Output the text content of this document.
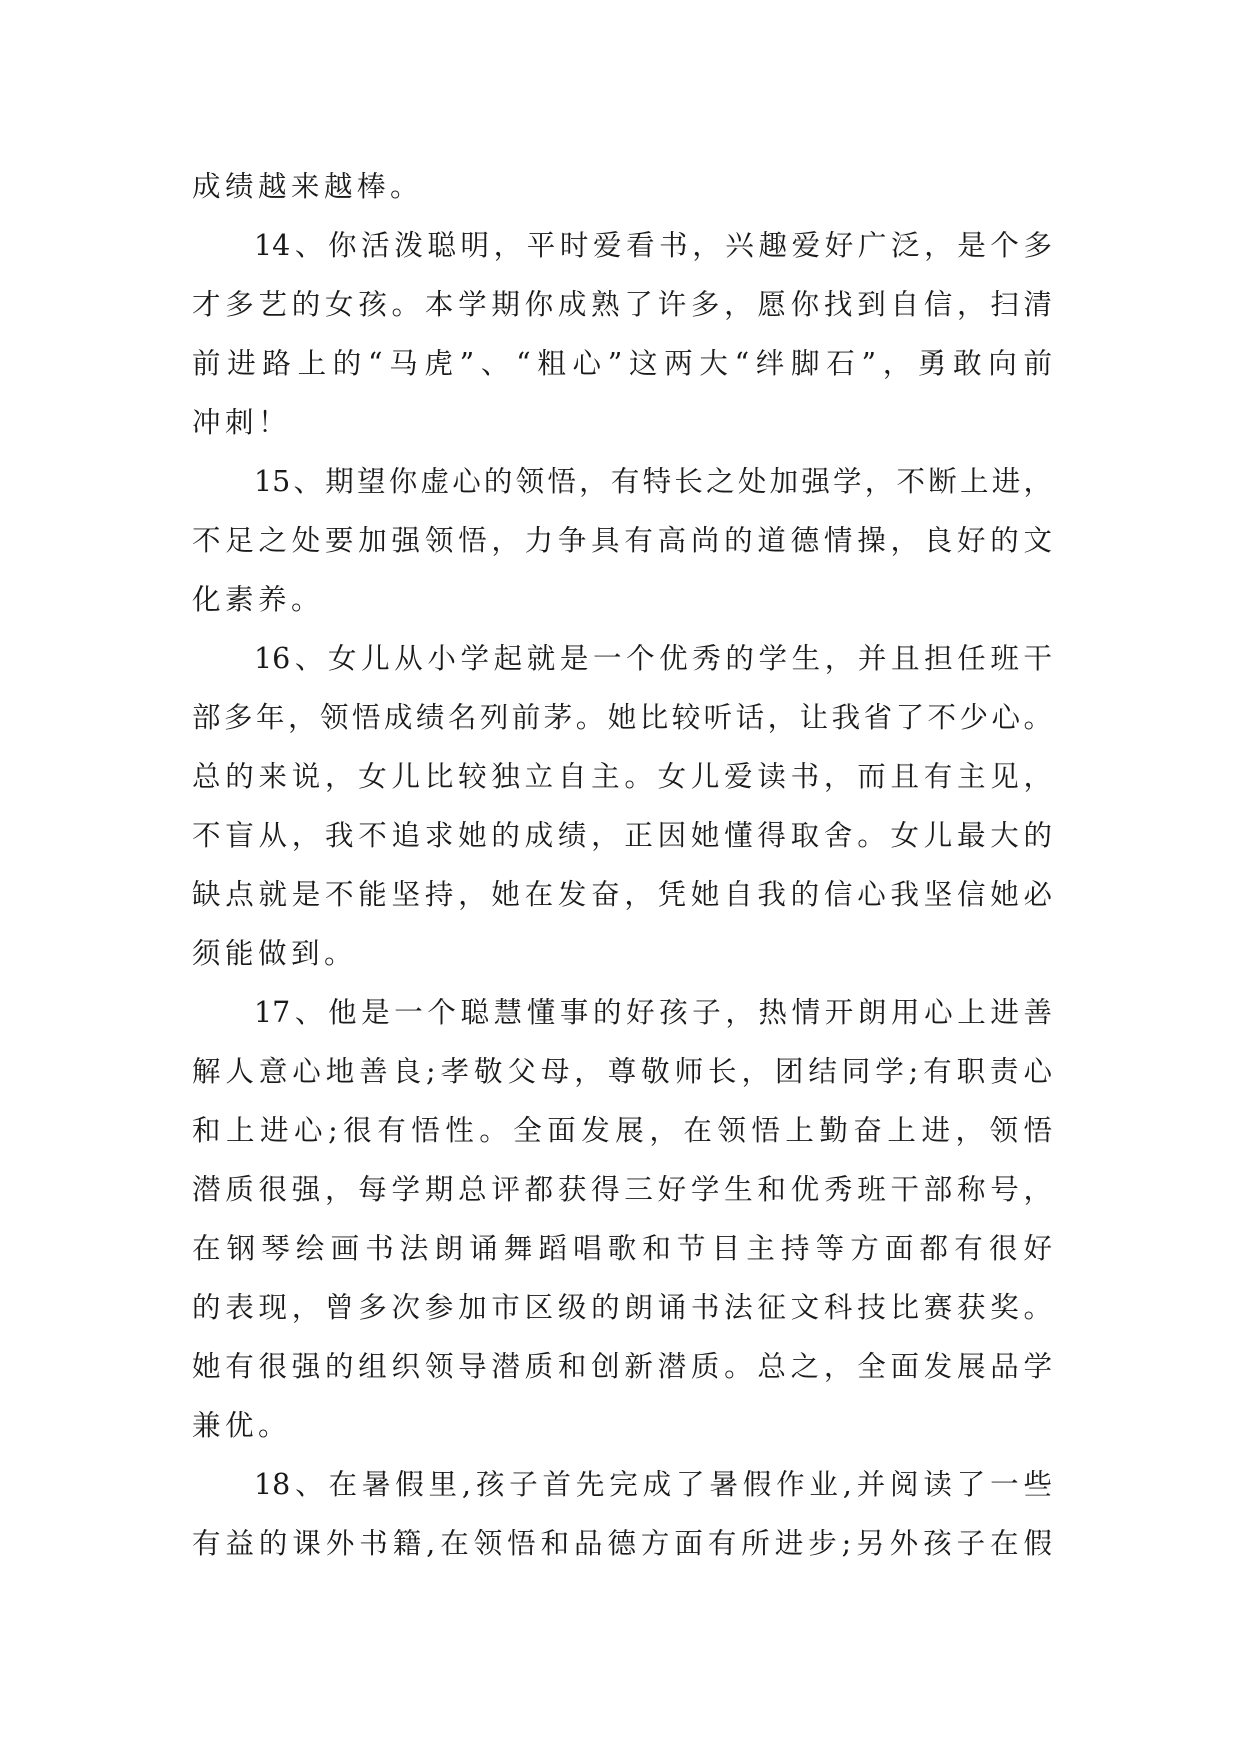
成绩越来越棒。
14、你活泼聪明，平时爱看书，兴趣爱好广泛，是个多
才多艺的女孩。本学期你成熟了许多，愿你找到自信，扫清
前进路上的“马虎”、“粗心”这两大“绊脚石”，勇敢向前
冲刺！
15、期望你虚心的领悟，有特长之处加强学，不断上进，
不足之处要加强领悟，力争具有高尚的道德情操，良好的文
化素养。
16、女儿从小学起就是一个优秀的学生，并且担任班干
部多年，领悟成绩名列前茅。她比较听话，让我省了不少心。
总的来说，女儿比较独立自主。女儿爱读书，而且有主见，
不盲从，我不追求她的成绩，正因她懂得取舍。女儿最大的
缺点就是不能坚持，她在发奋，凭她自我的信心我坚信她必
须能做到。
17、他是一个聪慧懂事的好孩子，热情开朗用心上进善
解人意心地善良;孝敬父母，尊敬师长，团结同学;有职责心
和上进心;很有悟性。全面发展，在领悟上勤奋上进，领悟
潜质很强，每学期总评都获得三好学生和优秀班干部称号，
在钢琴绘画书法朗诵舞蹈唱歌和节目主持等方面都有很好
的表现，曾多次参加市区级的朗诵书法征文科技比赛获奖。
她有很强的组织领导潜质和创新潜质。总之，全面发展品学
兼优。
18、在暑假里,孩子首先完成了暑假作业,并阅读了一些
有益的课外书籍,在领悟和品德方面有所进步;另外孩子在假
